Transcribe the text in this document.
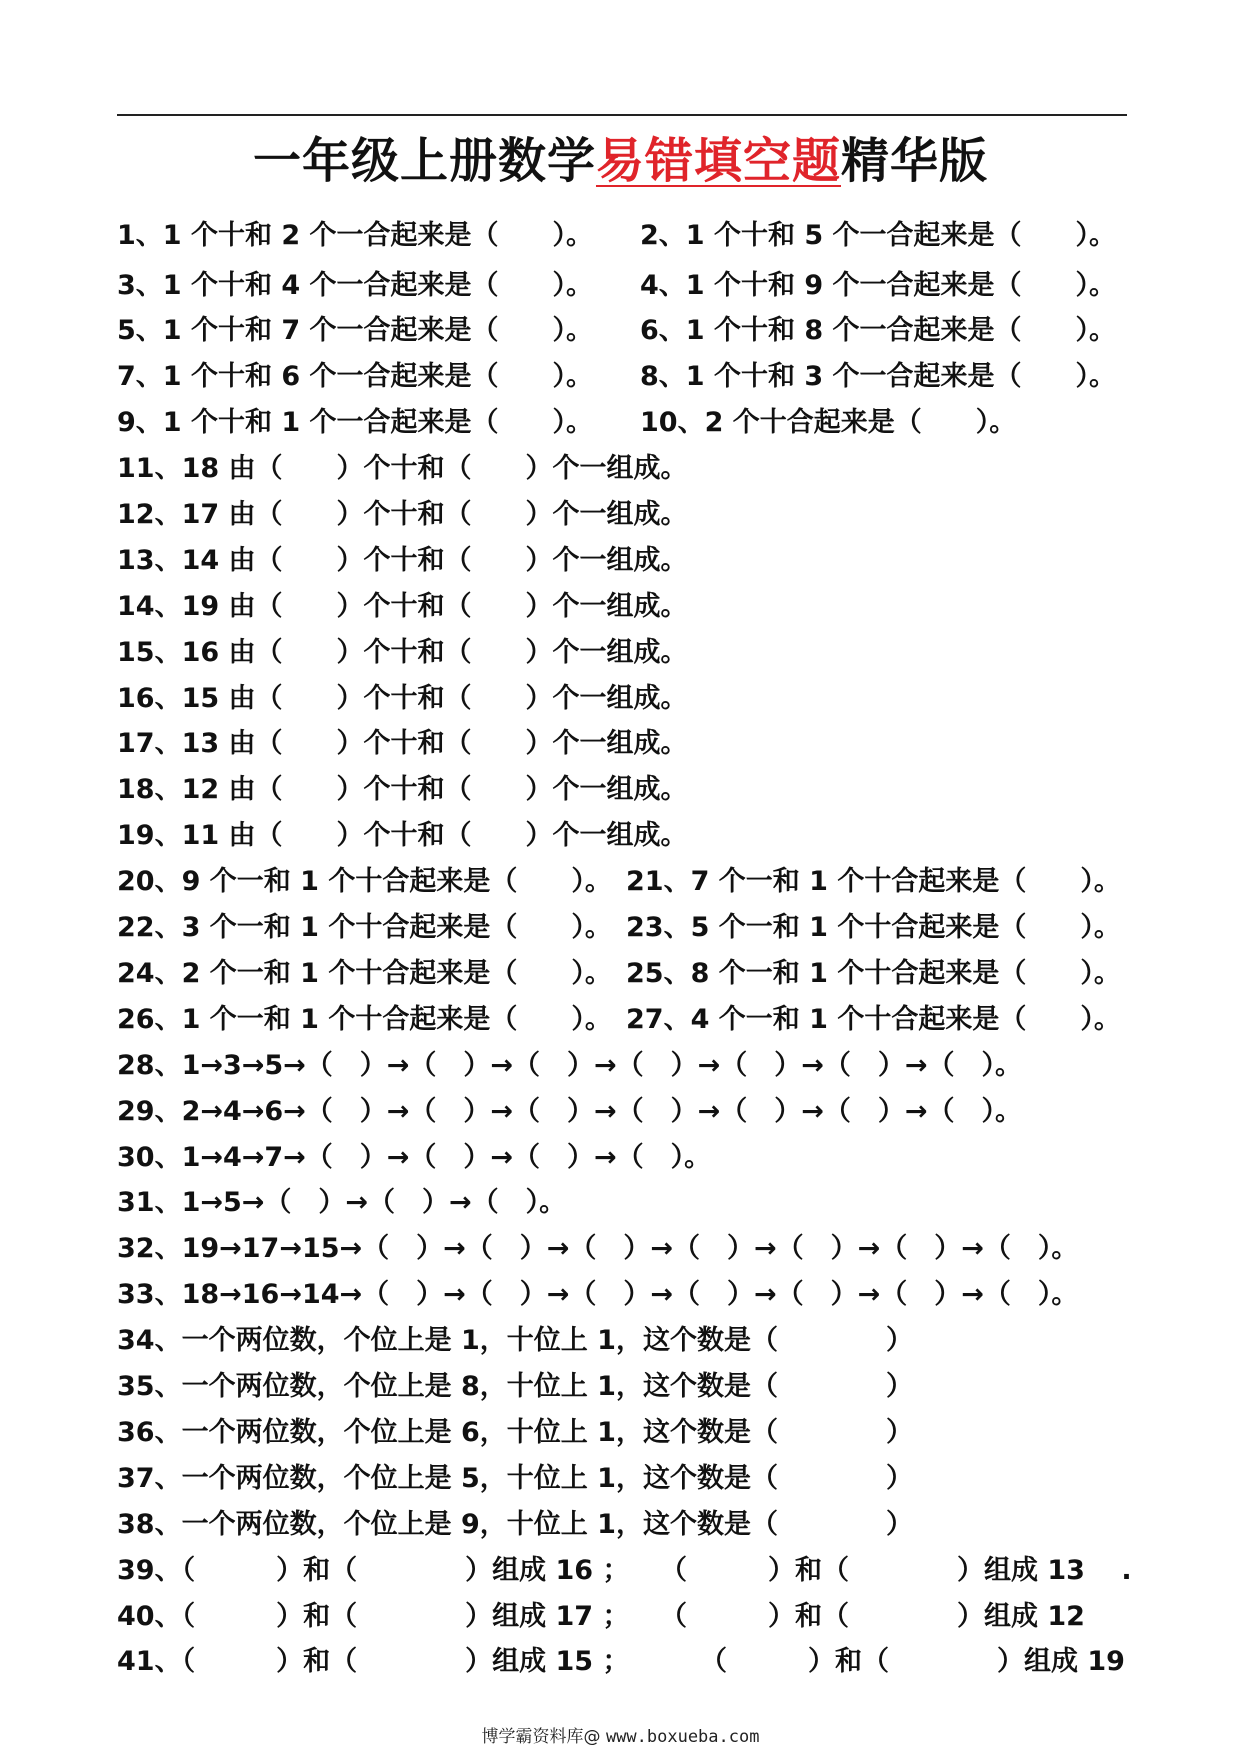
一年级上册数学易错填空题精华版
1、1 个十和 2 个一合起来是（　　）。 2、1 个十和 5 个一合起来是（　　）。
3、1 个十和 4 个一合起来是（　　）。 4、1 个十和 9 个一合起来是（　　）。
5、1 个十和 7 个一合起来是（　　）。 6、1 个十和 8 个一合起来是（　　）。
7、1 个十和 6 个一合起来是（　　）。 8、1 个十和 3 个一合起来是（　　）。
9、1 个十和 1 个一合起来是（　　）。 10、2 个十合起来是（　　）。
11、18 由（　　）个十和（　　）个一组成。
12、17 由（　　）个十和（　　）个一组成。
13、14 由（　　）个十和（　　）个一组成。
14、19 由（　　）个十和（　　）个一组成。
15、16 由（　　）个十和（　　）个一组成。
16、15 由（　　）个十和（　　）个一组成。
17、13 由（　　）个十和（　　）个一组成。
18、12 由（　　）个十和（　　）个一组成。
19、11 由（　　）个十和（　　）个一组成。
20、9 个一和 1 个十合起来是（　　）。 21、7 个一和 1 个十合起来是（　　）。
22、3 个一和 1 个十合起来是（　　）。 23、5 个一和 1 个十合起来是（　　）。
24、2 个一和 1 个十合起来是（　　）。 25、8 个一和 1 个十合起来是（　　）。
26、1 个一和 1 个十合起来是（　　）。 27、4 个一和 1 个十合起来是（　　）。
28、1→3→5→（　）→（　）→（　）→（　）→（　）→（　）→（　）。
29、2→4→6→（　）→（　）→（　）→（　）→（　）→（　）→（　）。
30、1→4→7→（　）→（　）→（　）→（　）。
31、1→5→（　）→（　）→（　）。
32、19→17→15→（　）→（　）→（　）→（　）→（　）→（　）→（　）。
33、18→16→14→（　）→（　）→（　）→（　）→（　）→（　）→（　）。
34、一个两位数，个位上是 1，十位上 1，这个数是（　　　　）
35、一个两位数，个位上是 8，十位上 1，这个数是（　　　　）
36、一个两位数，个位上是 6，十位上 1，这个数是（　　　　）
37、一个两位数，个位上是 5，十位上 1，这个数是（　　　　）
38、一个两位数，个位上是 9，十位上 1，这个数是（　　　　）
39、（　　　）和（　　　　）组成 16 ； （　　　）和（　　　　）组成 13 　.
40、（　　　）和（　　　　）组成 17 ； （　　　）和（　　　　）组成 12
41、（　　　）和（　　　　）组成 15 ；	（　　　）和（　　　　）组成 19
博学霸资料库@ www.boxueba.com
